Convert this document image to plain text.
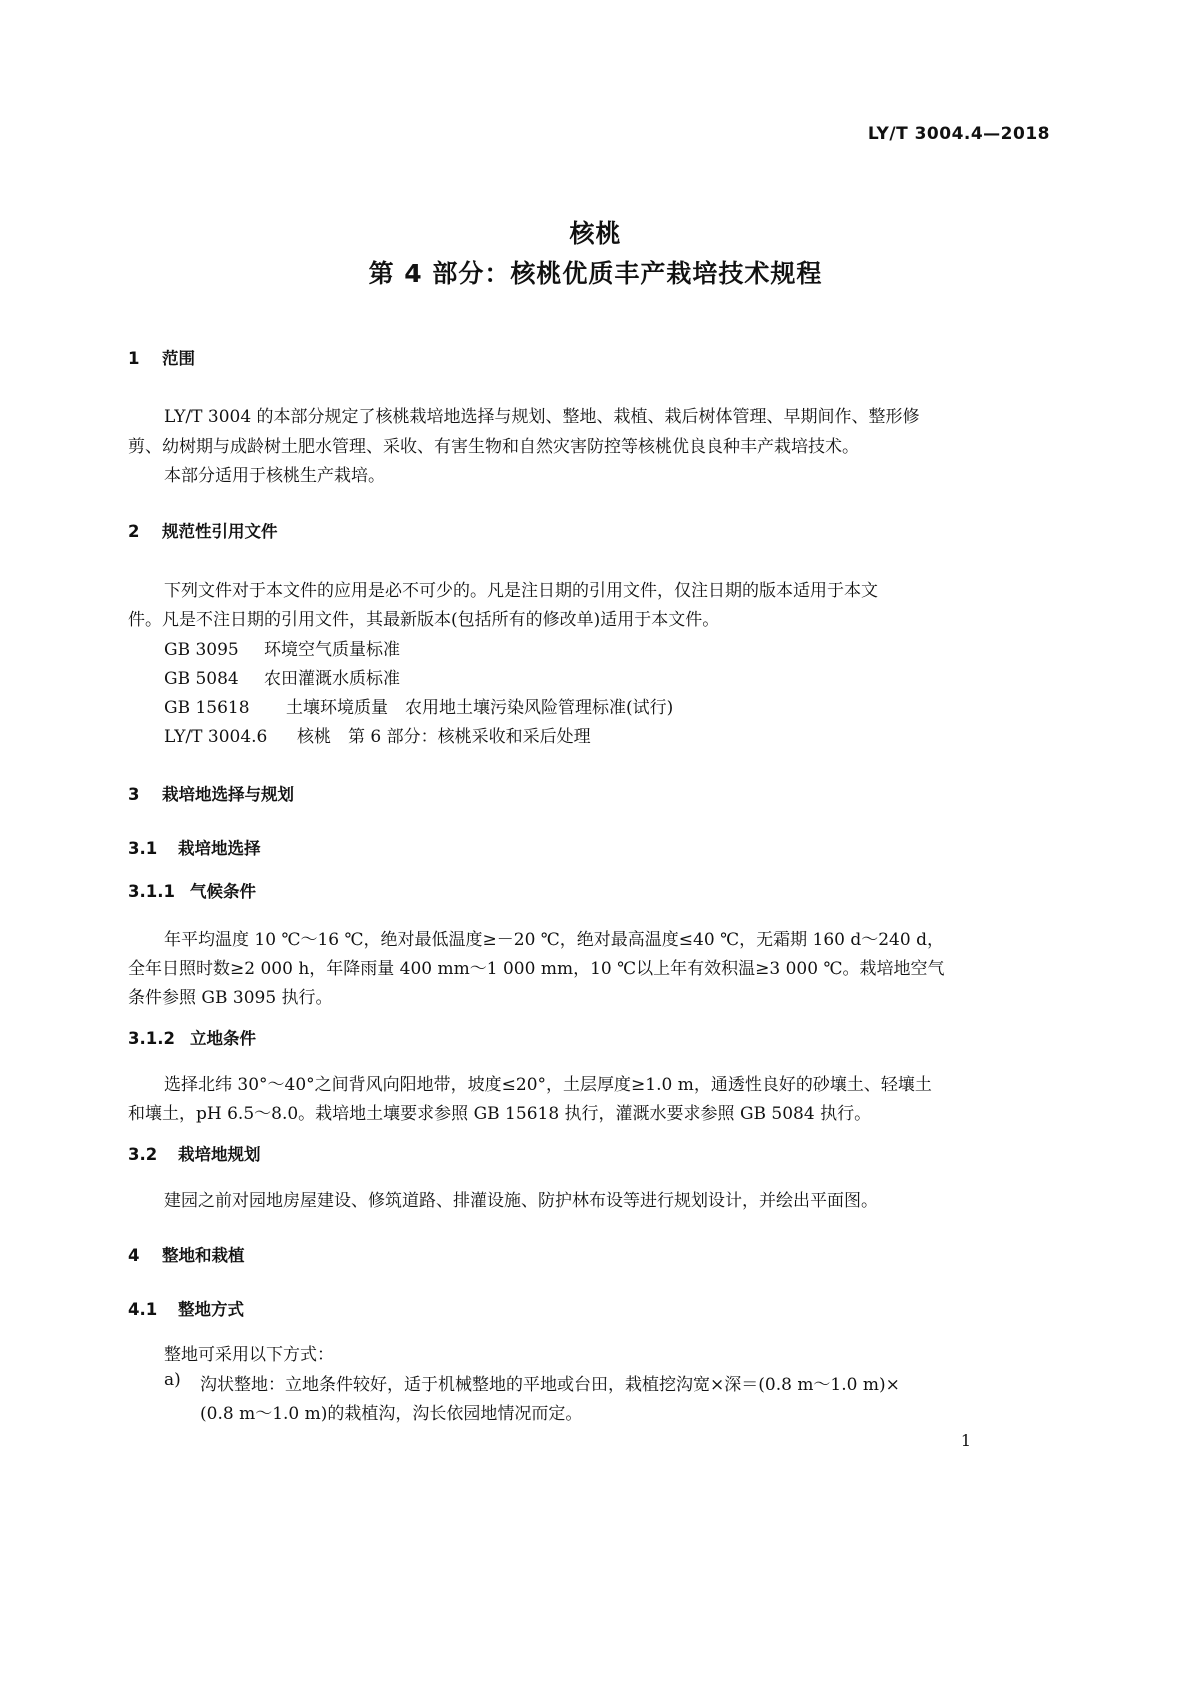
LY/T 3004.4—2018
核桃
第 4 部分：核桃优质丰产栽培技术规程
1 范围
LY/T 3004 的本部分规定了核桃栽培地选择与规划、整地、栽植、栽后树体管理、早期间作、整形修
剪、幼树期与成龄树土肥水管理、采收、有害生物和自然灾害防控等核桃优良良种丰产栽培技术。
本部分适用于核桃生产栽培。
2 规范性引用文件
下列文件对于本文件的应用是必不可少的。凡是注日期的引用文件，仅注日期的版本适用于本文
件。凡是不注日期的引用文件，其最新版本(包括所有的修改单)适用于本文件。
GB 3095 环境空气质量标准
GB 5084 农田灌溉水质标准
GB 15618 土壤环境质量　农用地土壤污染风险管理标准(试行)
LY/T 3004.6 核桃　第 6 部分：核桃采收和采后处理
3 栽培地选择与规划
3.1 栽培地选择
3.1.1 气候条件
年平均温度 10 ℃～16 ℃，绝对最低温度≥－20 ℃，绝对最高温度≤40 ℃，无霜期 160 d～240 d，
全年日照时数≥2 000 h，年降雨量 400 mm～1 000 mm，10 ℃以上年有效积温≥3 000 ℃。栽培地空气
条件参照 GB 3095 执行。
3.1.2 立地条件
选择北纬 30°～40°之间背风向阳地带，坡度≤20°，土层厚度≥1.0 m，通透性良好的砂壤土、轻壤土
和壤土，pH 6.5～8.0。栽培地土壤要求参照 GB 15618 执行，灌溉水要求参照 GB 5084 执行。
3.2 栽培地规划
建园之前对园地房屋建设、修筑道路、排灌设施、防护林布设等进行规划设计，并绘出平面图。
4 整地和栽植
4.1 整地方式
整地可采用以下方式：
a) 沟状整地：立地条件较好，适于机械整地的平地或台田，栽植挖沟宽×深＝(0.8 m～1.0 m)×
(0.8 m～1.0 m)的栽植沟，沟长依园地情况而定。
1
